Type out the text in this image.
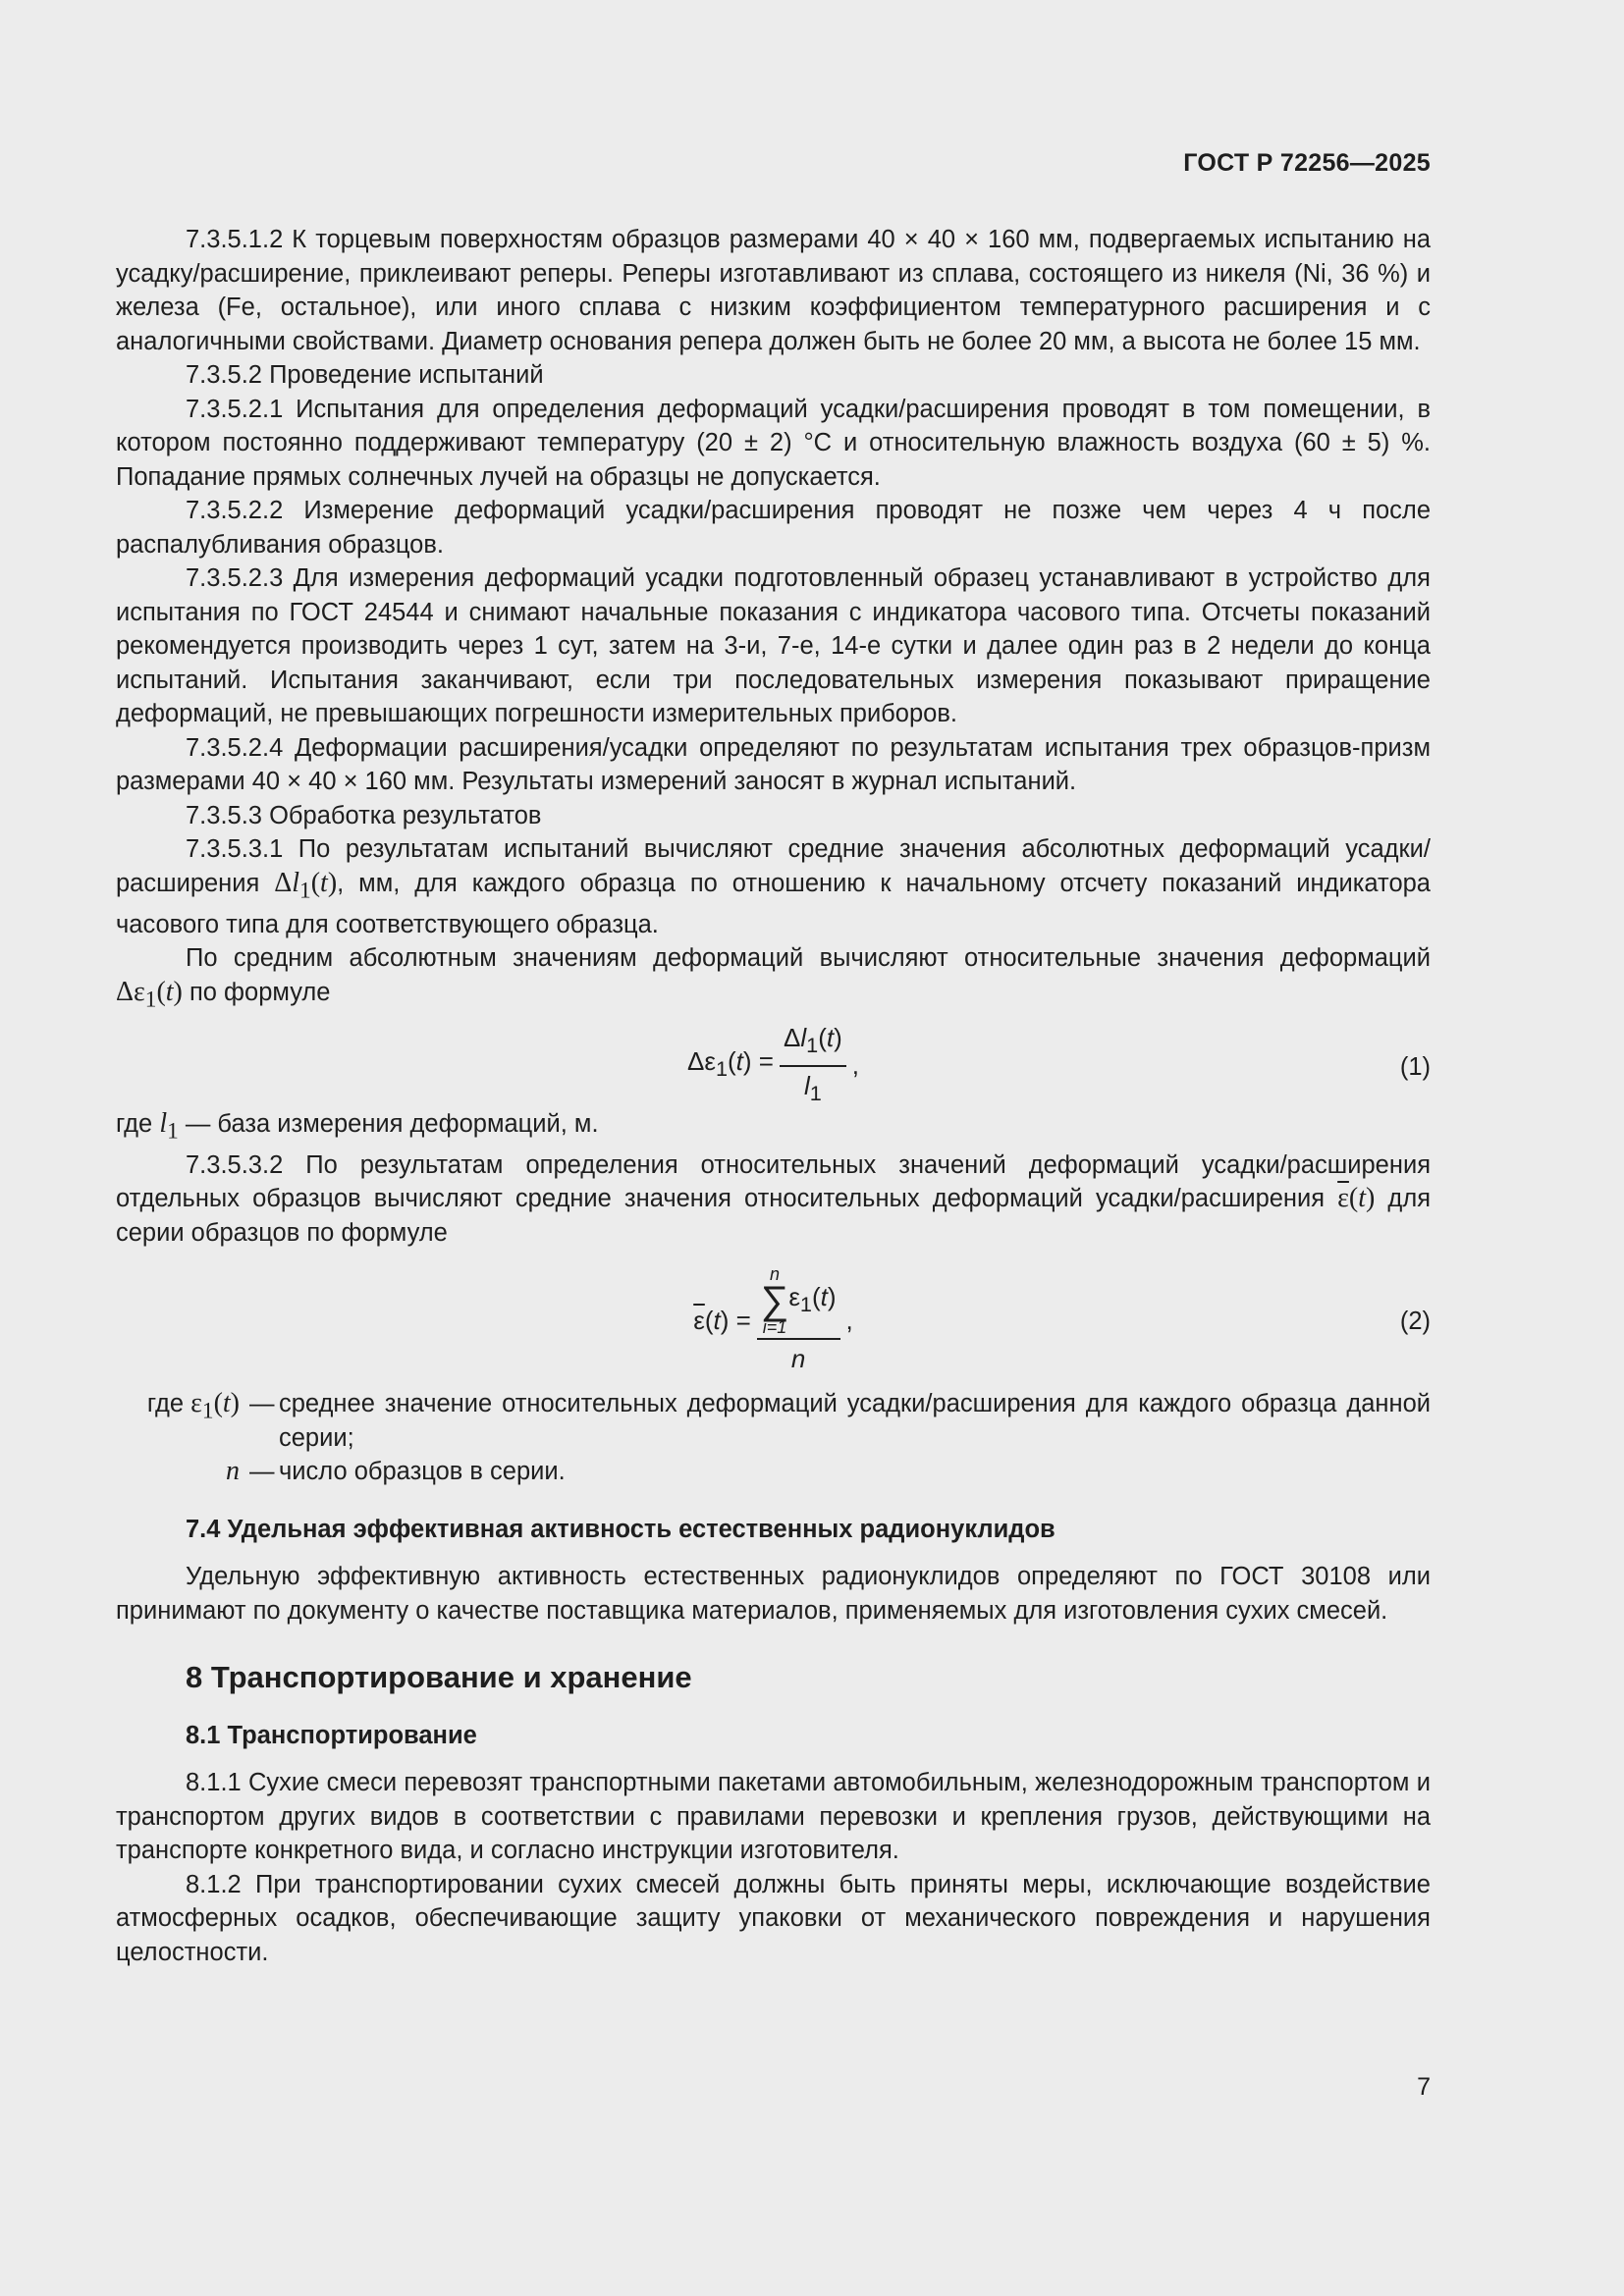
ГОСТ Р 72256—2025
7.3.5.1.2 К торцевым поверхностям образцов размерами 40 × 40 × 160 мм, подвергаемых испытанию на усадку/расширение, приклеивают реперы. Реперы изготавливают из сплава, состоящего из никеля (Ni, 36 %) и железа (Fe, остальное), или иного сплава с низким коэффициентом температурного расширения и с аналогичными свойствами. Диаметр основания репера должен быть не более 20 мм, а высота не более 15 мм.
7.3.5.2 Проведение испытаний
7.3.5.2.1 Испытания для определения деформаций усадки/расширения проводят в том помещении, в котором постоянно поддерживают температуру (20 ± 2) °C и относительную влажность воздуха (60 ± 5) %. Попадание прямых солнечных лучей на образцы не допускается.
7.3.5.2.2 Измерение деформаций усадки/расширения проводят не позже чем через 4 ч после распалубливания образцов.
7.3.5.2.3 Для измерения деформаций усадки подготовленный образец устанавливают в устройство для испытания по ГОСТ 24544 и снимают начальные показания с индикатора часового типа. Отсчеты показаний рекомендуется производить через 1 сут, затем на 3-и, 7-е, 14-е сутки и далее один раз в 2 недели до конца испытаний. Испытания заканчивают, если три последовательных измерения показывают приращение деформаций, не превышающих погрешности измерительных приборов.
7.3.5.2.4 Деформации расширения/усадки определяют по результатам испытания трех образцов-призм размерами 40 × 40 × 160 мм. Результаты измерений заносят в журнал испытаний.
7.3.5.3 Обработка результатов
7.3.5.3.1 По результатам испытаний вычисляют средние значения абсолютных деформаций усадки/расширения $\Delta l_1(t)$, мм, для каждого образца по отношению к начальному отсчету показаний индикатора часового типа для соответствующего образца.
По средним абсолютным значениям деформаций вычисляют относительные значения деформаций $\Delta\varepsilon_1(t)$ по формуле
$\Delta\varepsilon_1(t) = \frac{\Delta l_1(t)}{l_1}$ ,	(1)
где $l_1$ — база измерения деформаций, м.
7.3.5.3.2 По результатам определения относительных значений деформаций усадки/расширения отдельных образцов вычисляют средние значения относительных деформаций усадки/расширения $\overline{\varepsilon}(t)$ для серии образцов по формуле
$\overline{\varepsilon}(t) = n$
∑
i=1
$\varepsilon_1(t)$
n ,	(2)
где $\varepsilon_1(t)$ — среднее значение относительных деформаций усадки/расширения для каждого образца данной серии;
n — число образцов в серии.
7.4 Удельная эффективная активность естественных радионуклидов
Удельную эффективную активность естественных радионуклидов определяют по ГОСТ 30108 или принимают по документу о качестве поставщика материалов, применяемых для изготовления сухих смесей.
8 Транспортирование и хранение
8.1 Транспортирование
8.1.1 Сухие смеси перевозят транспортными пакетами автомобильным, железнодорожным транспортом и транспортом других видов в соответствии с правилами перевозки и крепления грузов, действующими на транспорте конкретного вида, и согласно инструкции изготовителя.
8.1.2 При транспортировании сухих смесей должны быть приняты меры, исключающие воздействие атмосферных осадков, обеспечивающие защиту упаковки от механического повреждения и нарушения целостности.
7
